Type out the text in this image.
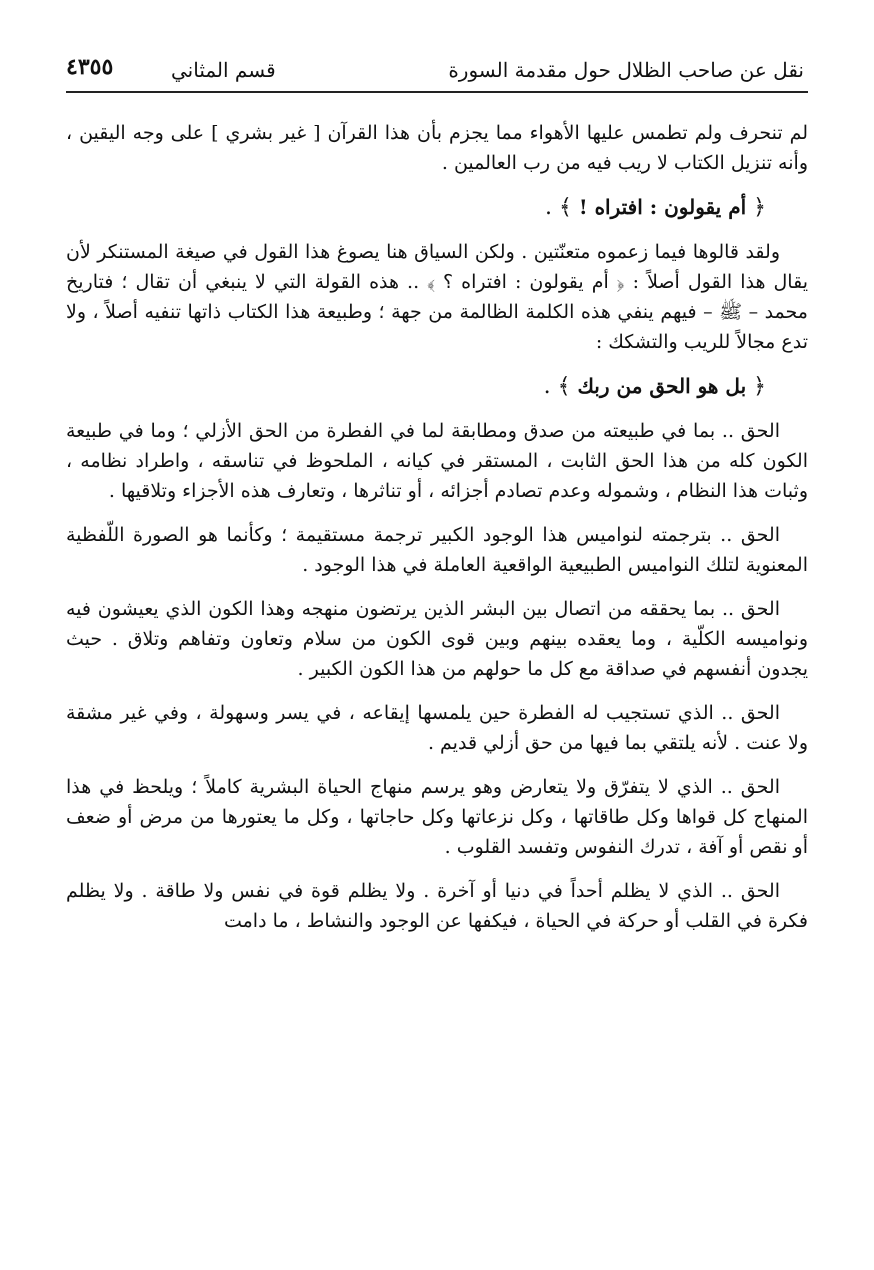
نقل عن صاحب الظلال حول مقدمة السورة
قسم المثاني
٤٣٥٥

لم تنحرف ولم تطمس عليها الأهواء مما يجزم بأن هذا القرآن [ غير بشري ] على وجه اليقين ، وأنه تنزيل الكتاب لا ريب فيه من رب العالمين .

﴿ أم يقولون : افتراه ! ﴾ .

ولقد قالوها فيما زعموه متعنّتين . ولكن السياق هنا يصوغ هذا القول في صيغة المستنكر لأن يقال هذا القول أصلاً : ﴿ أم يقولون : افتراه ؟ ﴾ .. هذه القولة التي لا ينبغي أن تقال ؛ فتاريخ محمد – ﷺ – فيهم ينفي هذه الكلمة الظالمة من جهة ؛ وطبيعة هذا الكتاب ذاتها تنفيه أصلاً ، ولا تدع مجالاً للريب والتشكك :

﴿ بل هو الحق من ربك ﴾ .

الحق .. بما في طبيعته من صدق ومطابقة لما في الفطرة من الحق الأزلي ؛ وما في طبيعة الكون كله من هذا الحق الثابت ، المستقر في كيانه ، الملحوظ في تناسقه ، واطراد نظامه ، وثبات هذا النظام ، وشموله وعدم تصادم أجزائه ، أو تناثرها ، وتعارف هذه الأجزاء وتلاقيها .

الحق .. بترجمته لنواميس هذا الوجود الكبير ترجمة مستقيمة ؛ وكأنما هو الصورة اللّفظية المعنوية لتلك النواميس الطبيعية الواقعية العاملة في هذا الوجود .

الحق .. بما يحققه من اتصال بين البشر الذين يرتضون منهجه وهذا الكون الذي يعيشون فيه ونواميسه الكلّية ، وما يعقده بينهم وبين قوى الكون من سلام وتعاون وتفاهم وتلاق . حيث يجدون أنفسهم في صداقة مع كل ما حولهم من هذا الكون الكبير .

الحق .. الذي تستجيب له الفطرة حين يلمسها إيقاعه ، في يسر وسهولة ، وفي غير مشقة ولا عنت . لأنه يلتقي بما فيها من حق أزلي قديم .

الحق .. الذي لا يتفرّق ولا يتعارض وهو يرسم منهاج الحياة البشرية كاملاً ؛ ويلحظ في هذا المنهاج كل قواها وكل طاقاتها ، وكل نزعاتها وكل حاجاتها ، وكل ما يعتورها من مرض أو ضعف أو نقص أو آفة ، تدرك النفوس وتفسد القلوب .

الحق .. الذي لا يظلم أحداً في دنيا أو آخرة . ولا يظلم قوة في نفس ولا طاقة . ولا يظلم فكرة في القلب أو حركة في الحياة ، فيكفها عن الوجود والنشاط ، ما دامت
